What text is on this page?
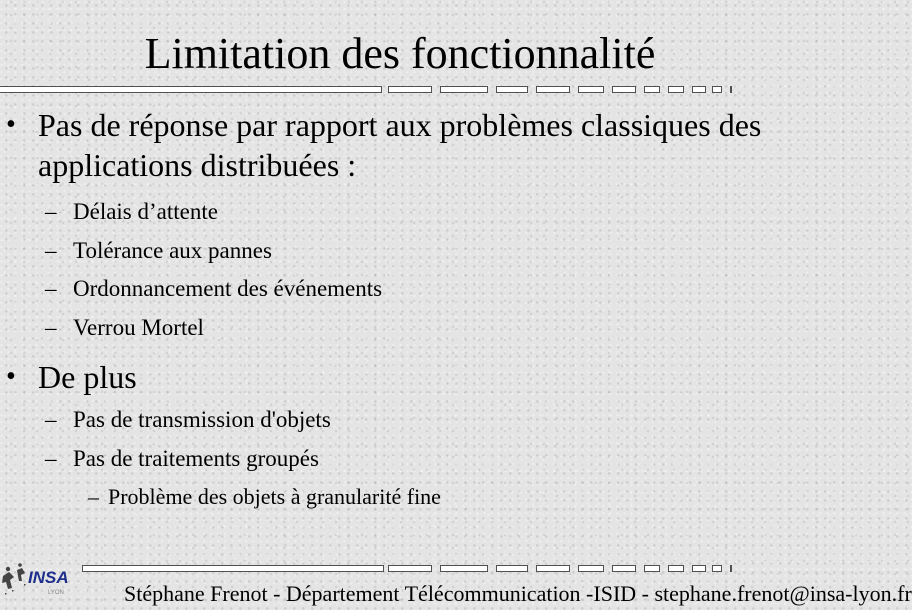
Limitation des fonctionnalité
• Pas de réponse par rapport aux problèmes classiques des applications distribuées :
– Délais d’attente
– Tolérance aux pannes
– Ordonnancement des événements
– Verrou Mortel
• De plus
– Pas de transmission d'objets
– Pas de traitements groupés
– Problème des objets à granularité fine
INSA
LYON	Stéphane Frenot - Département Télécommunication -ISID - stephane.frenot@insa-lyon.fr
